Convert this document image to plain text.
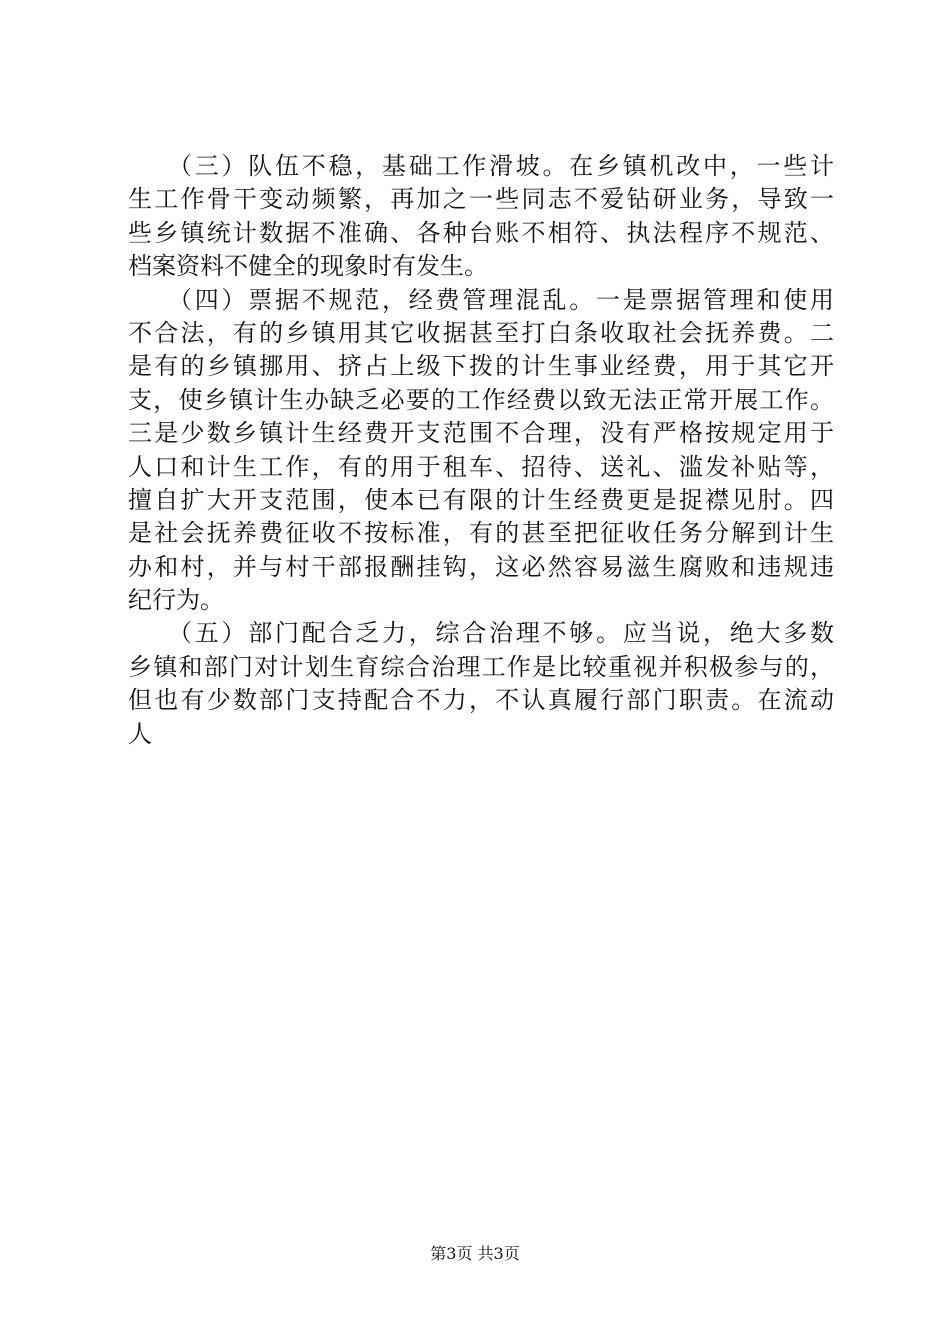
（三）队伍不稳，基础工作滑坡。在乡镇机改中，一些计
生工作骨干变动频繁，再加之一些同志不爱钻研业务，导致一
些乡镇统计数据不准确、各种台账不相符、执法程序不规范、
档案资料不健全的现象时有发生。
（四）票据不规范，经费管理混乱。一是票据管理和使用
不合法，有的乡镇用其它收据甚至打白条收取社会抚养费。二
是有的乡镇挪用、挤占上级下拨的计生事业经费，用于其它开
支，使乡镇计生办缺乏必要的工作经费以致无法正常开展工作。
三是少数乡镇计生经费开支范围不合理，没有严格按规定用于
人口和计生工作，有的用于租车、招待、送礼、滥发补贴等，
擅自扩大开支范围，使本已有限的计生经费更是捉襟见肘。四
是社会抚养费征收不按标准，有的甚至把征收任务分解到计生
办和村，并与村干部报酬挂钩，这必然容易滋生腐败和违规违
纪行为。
（五）部门配合乏力，综合治理不够。应当说，绝大多数
乡镇和部门对计划生育综合治理工作是比较重视并积极参与的，
但也有少数部门支持配合不力，不认真履行部门职责。在流动
人
第3页 共3页
